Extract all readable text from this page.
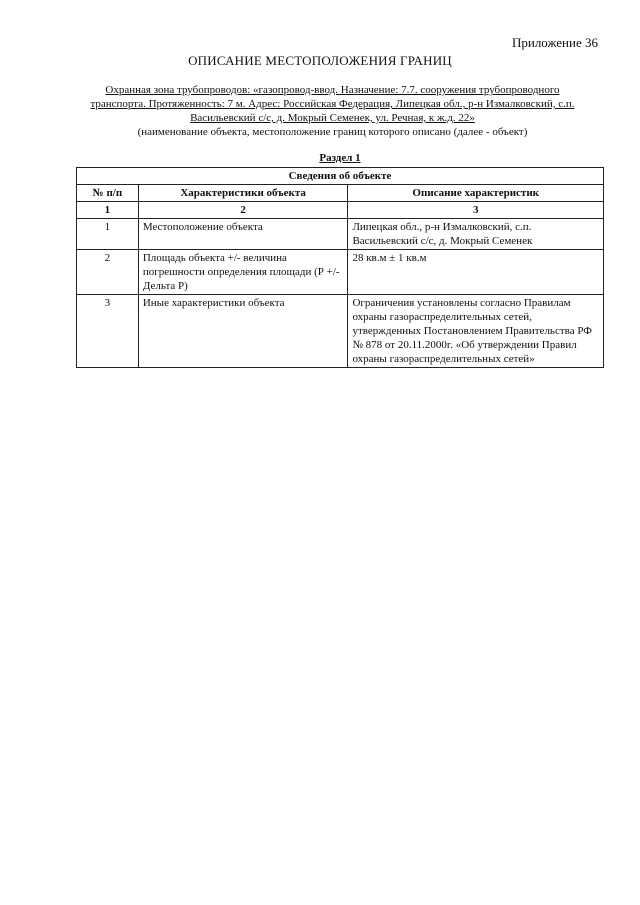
Приложение 36
ОПИСАНИЕ МЕСТОПОЛОЖЕНИЯ ГРАНИЦ
Охранная зона трубопроводов: «газопровод-ввод. Назначение: 7.7. сооружения трубопроводного транспорта. Протяженность: 7 м. Адрес: Российская Федерация, Липецкая обл., р-н Измалковский, с.п. Васильевский с/с, д. Мокрый Семенек, ул. Речная, к ж.д. 22»
(наименование объекта, местоположение границ которого описано (далее - объект)
Раздел 1
Сведения об объекте		
№ п/п	Характеристики объекта	Описание характеристик
1	2	3
1	Местоположение объекта	Липецкая обл., р-н Измалковский, с.п. Васильевский с/с, д. Мокрый Семенек
2	Площадь объекта +/- величина погрешности определения площади (Р +/- Дельта Р)	28 кв.м ± 1 кв.м
3	Иные характеристики объекта	Ограничения установлены согласно Правилам охраны газораспределительных сетей, утвержденных Постановлением Правительства РФ № 878 от 20.11.2000г. «Об утверждении Правил охраны газораспределительных сетей»
